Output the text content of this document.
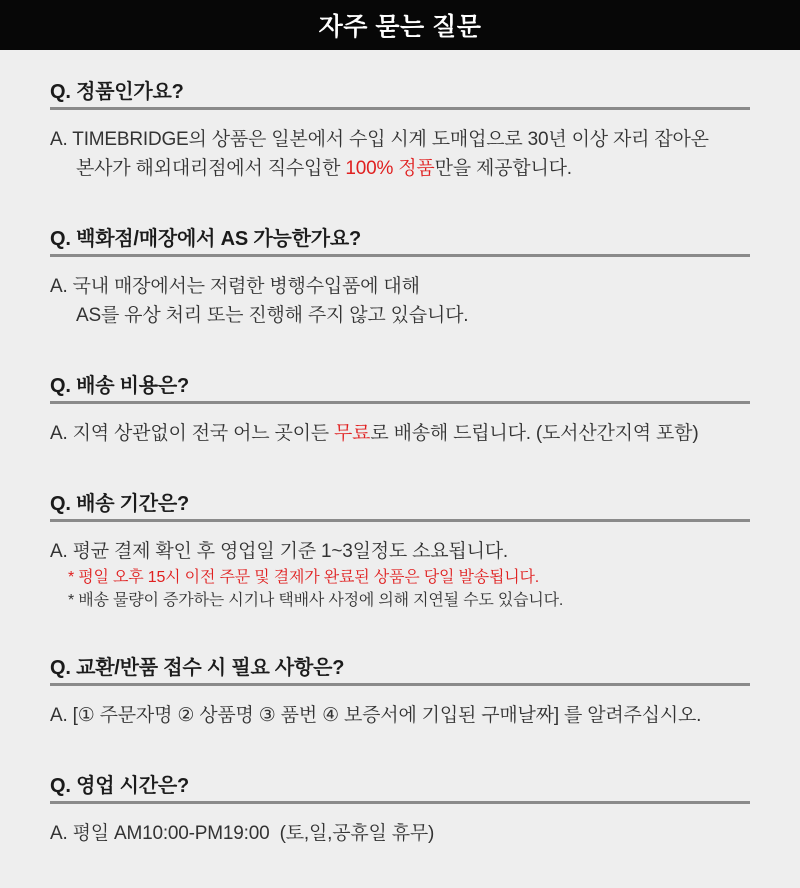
자주 묻는 질문
Q. 정품인가요?
A. TIMEBRIDGE의 상품은 일본에서 수입 시계 도매업으로 30년 이상 자리 잡아온
본사가 해외대리점에서 직수입한 100% 정품만을 제공합니다.
Q. 백화점/매장에서 AS 가능한가요?
A. 국내 매장에서는 저렴한 병행수입품에 대해
AS를 유상 처리 또는 진행해 주지 않고 있습니다.
Q. 배송 비용은?
A. 지역 상관없이 전국 어느 곳이든 무료로 배송해 드립니다. (도서산간지역 포함)
Q. 배송 기간은?
A. 평균 결제 확인 후 영업일 기준 1~3일정도 소요됩니다.
* 평일 오후 15시 이전 주문 및 결제가 완료된 상품은 당일 발송됩니다.
* 배송 물량이 증가하는 시기나 택배사 사정에 의해 지연될 수도 있습니다.
Q. 교환/반품 접수 시 필요 사항은?
A. [① 주문자명 ② 상품명 ③ 품번 ④ 보증서에 기입된 구매날짜] 를 알려주십시오.
Q. 영업 시간은?
A. 평일 AM10:00-PM19:00  (토,일,공휴일 휴무)
